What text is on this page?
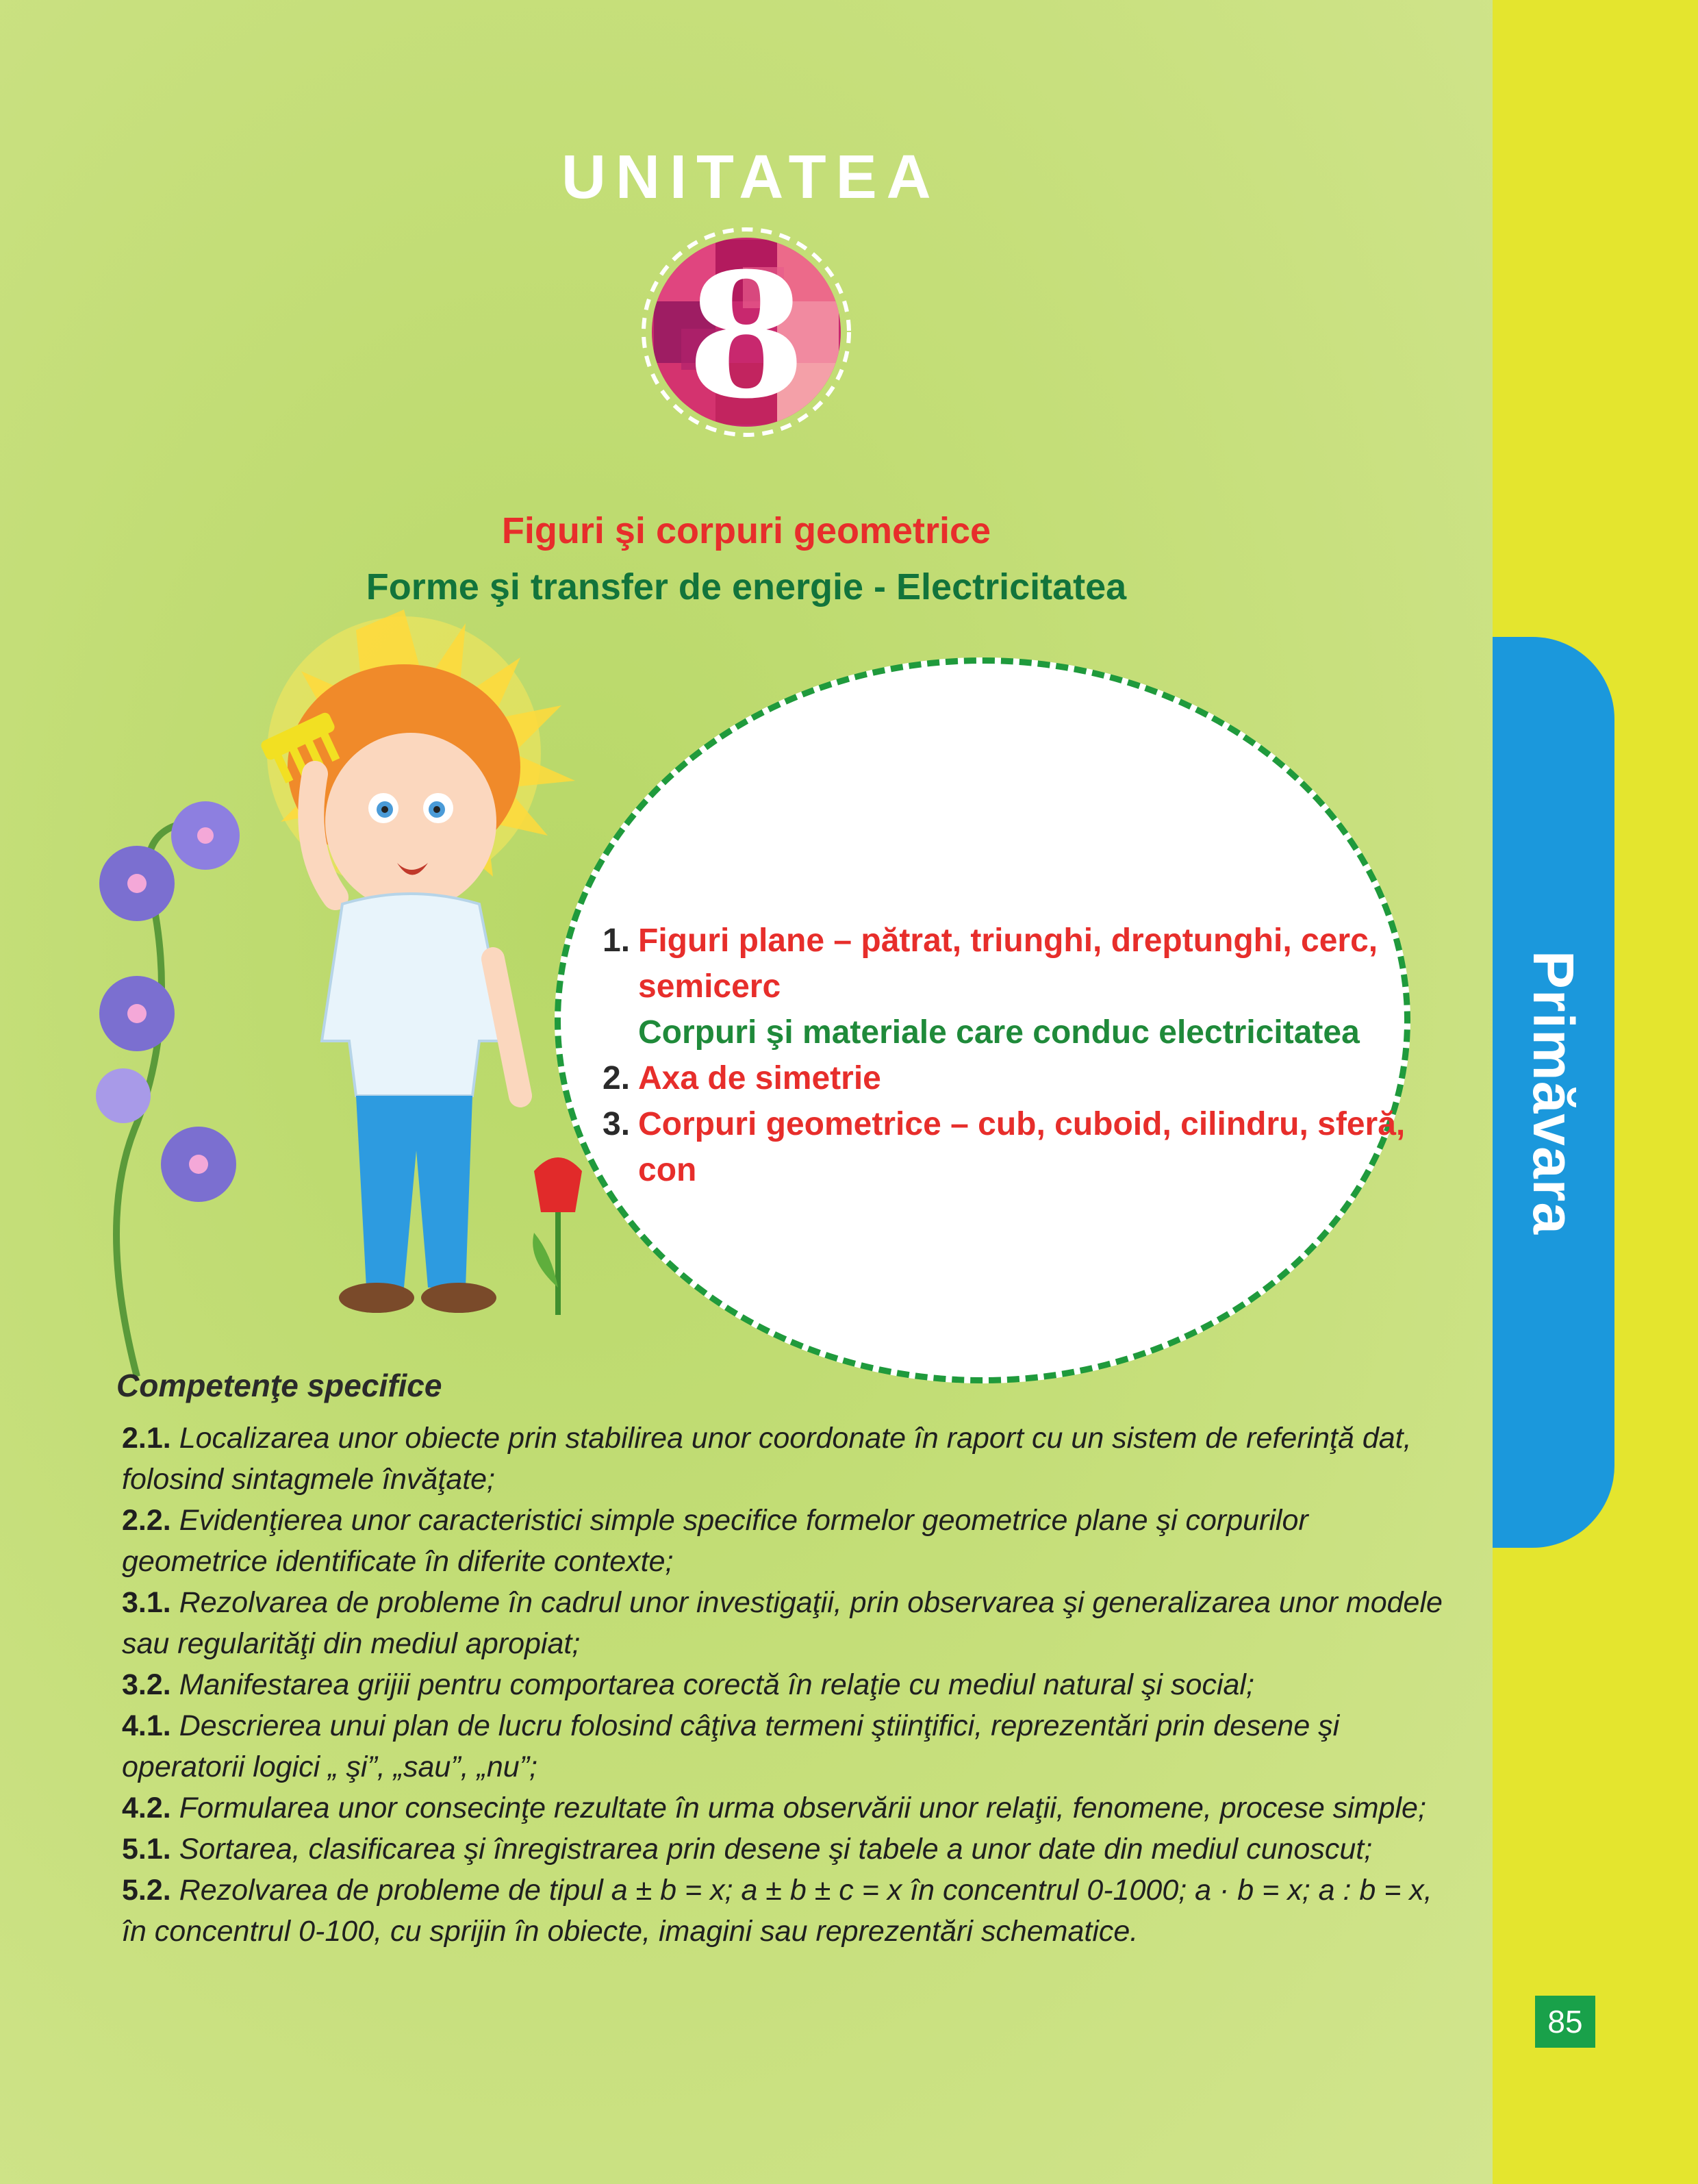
Primăvara
85
UNITATEA
8
Figuri şi corpuri geometrice
Forme şi transfer de energie - Electricitatea
1. Figuri plane – pătrat, triunghi, dreptunghi, cerc, semicerc
Corpuri şi materiale care conduc electricitatea
2. Axa de simetrie
3. Corpuri geometrice – cub, cuboid, cilindru, sferă, con
Competenţe specifice

2.1. Localizarea unor obiecte prin stabilirea unor coordonate în raport cu un sistem de referinţă dat, folosind sintagmele învăţate;

2.2. Evidenţierea unor caracteristici simple specifice formelor geometrice plane şi corpurilor geometrice identificate în diferite contexte;

3.1. Rezolvarea de probleme în cadrul unor investigaţii, prin observarea şi generalizarea unor modele sau regularităţi din mediul apropiat;

3.2. Manifestarea grijii pentru comportarea corectă în relaţie cu mediul natural şi social;

4.1. Descrierea unui plan de lucru folosind câţiva termeni ştiinţifici, reprezentări prin desene şi operatorii logici „ şi”, „sau”, „nu”;

4.2. Formularea unor consecinţe rezultate în urma observării unor relaţii, fenomene, procese simple;

5.1. Sortarea, clasificarea şi înregistrarea prin desene şi tabele a unor date din mediul cunoscut;

5.2. Rezolvarea de probleme de tipul a ± b = x; a ± b ± c = x în concentrul 0-1000; a · b = x; a : b = x, în concentrul 0-100, cu sprijin în obiecte, imagini sau reprezentări schematice.
